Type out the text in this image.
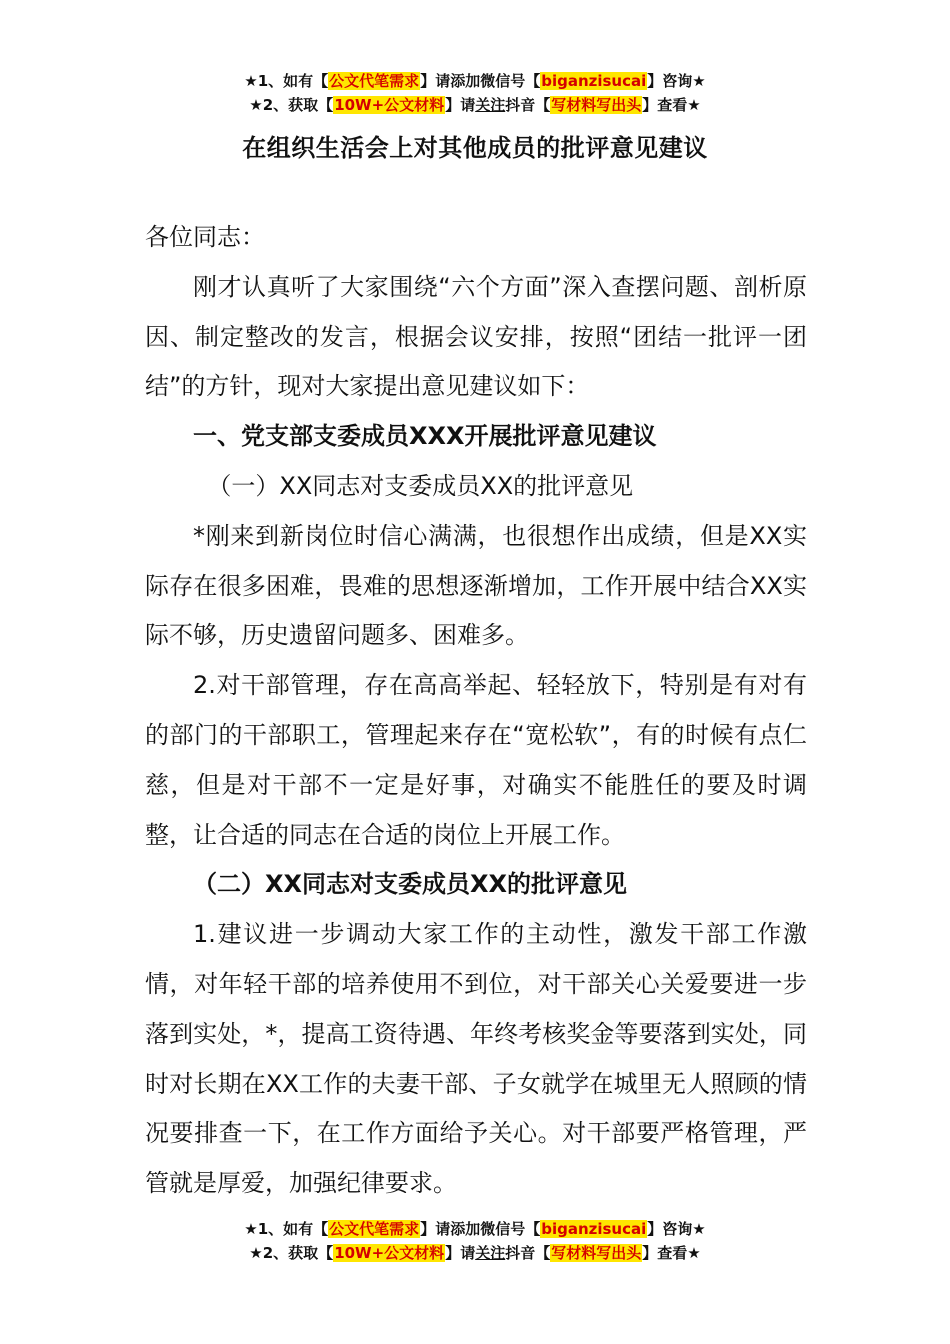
★1、如有【公文代笔需求】请添加微信号【biganzisucai】咨询★
★2、获取【10W+公文材料】请关注抖音【写材料写出头】查看★
在组织生活会上对其他成员的批评意见建议

各位同志：

刚才认真听了大家围绕“六个方面”深入查摆问题、剖析原因、制定整改的发言，根据会议安排，按照“团结一批评一团结”的方针，现对大家提出意见建议如下：

一、党支部支委成员XXX开展批评意见建议

（一）XX同志对支委成员XX的批评意见

*刚来到新岗位时信心满满，也很想作出成绩，但是XX实际存在很多困难，畏难的思想逐渐增加，工作开展中结合XX实际不够，历史遗留问题多、困难多。

2.对干部管理，存在高高举起、轻轻放下，特别是有对有的部门的干部职工，管理起来存在“宽松软”，有的时候有点仁慈，但是对干部不一定是好事，对确实不能胜任的要及时调整，让合适的同志在合适的岗位上开展工作。

（二）XX同志对支委成员XX的批评意见

1.建议进一步调动大家工作的主动性，激发干部工作激情，对年轻干部的培养使用不到位，对干部关心关爱要进一步落到实处，*，提高工资待遇、年终考核奖金等要落到实处，同时对长期在XX工作的夫妻干部、子女就学在城里无人照顾的情况要排查一下，在工作方面给予关心。对干部要严格管理，严管就是厚爱，加强纪律要求。

★1、如有【公文代笔需求】请添加微信号【biganzisucai】咨询★
★2、获取【10W+公文材料】请关注抖音【写材料写出头】查看★
